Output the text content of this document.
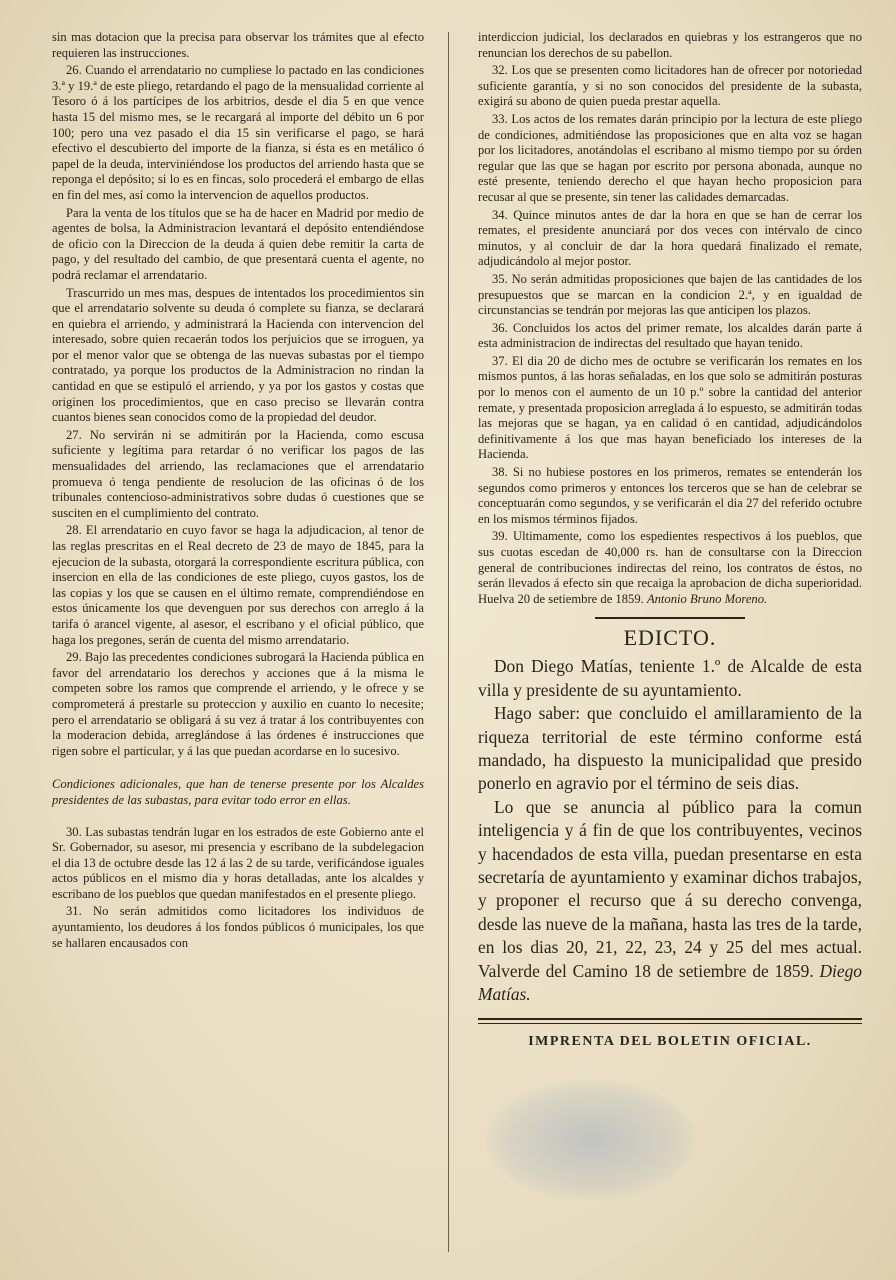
sin mas dotacion que la precisa para observar los trámites que al efecto requieren las instrucciones.

26. Cuando el arrendatario no cumpliese lo pactado en las condiciones 3.ª y 19.ª de este pliego, retardando el pago de la mensualidad corriente al Tesoro ó á los partícipes de los arbitrios, desde el dia 5 en que vence hasta 15 del mismo mes, se le recargará al importe del débito un 6 por 100; pero una vez pasado el dia 15 sin verificarse el pago, se hará efectivo el descubierto del importe de la fianza, si ésta es en metálico ó papel de la deuda, interviniéndose los productos del arriendo hasta que se reponga el depósito; si lo es en fincas, solo procederá el embargo de ellas en fin del mes, así como la intervencion de aquellos productos.

Para la venta de los títulos que se ha de hacer en Madrid por medio de agentes de bolsa, la Administracion levantará el depósito entendiéndose de oficio con la Direccion de la deuda á quien debe remitir la carta de pago, y del resultado del cambio, de que presentará cuenta el agente, no podrá reclamar el arrendatario.

Trascurrido un mes mas, despues de intentados los procedimientos sin que el arrendatario solvente su deuda ó complete su fianza, se declarará en quiebra el arriendo, y administrará la Hacienda con intervencion del interesado, sobre quien recaerán todos los perjuicios que se irroguen, ya por el menor valor que se obtenga de las nuevas subastas por el tiempo contratado, ya porque los productos de la Administracion no rindan la cantidad en que se estipuló el arriendo, y ya por los gastos y costas que originen los procedimientos, que en caso preciso se llevarán contra cuantos bienes sean conocidos como de la propiedad del deudor.

27. No servirán ni se admitirán por la Hacienda, como escusa suficiente y legítima para retardar ó no verificar los pagos de las mensualidades del arriendo, las reclamaciones que el arrendatario promueva ó tenga pendiente de resolucion de las oficinas ó de los tribunales contencioso-administrativos sobre dudas ó cuestiones que se susciten en el cumplimiento del contrato.

28. El arrendatario en cuyo favor se haga la adjudicacion, al tenor de las reglas prescritas en el Real decreto de 23 de mayo de 1845, para la ejecucion de la subasta, otorgará la correspondiente escritura pública, con insercion en ella de las condiciones de este pliego, cuyos gastos, los de las copias y los que se causen en el último remate, comprendiéndose en estos únicamente los que devenguen por sus derechos con arreglo á la tarifa ó arancel vigente, al asesor, el escribano y el oficial público, que haga los pregones, serán de cuenta del mismo arrendatario.

29. Bajo las precedentes condiciones subrogará la Hacienda pública en favor del arrendatario los derechos y acciones que á la misma le competen sobre los ramos que comprende el arriendo, y le ofrece y se comprometerá á prestarle su proteccion y auxilio en cuanto lo necesite; pero el arrendatario se obligará á su vez á tratar á los contribuyentes con la moderacion debida, arreglándose á las órdenes é instrucciones que rigen sobre el particular, y á las que puedan acordarse en lo sucesivo.

Condiciones adicionales, que han de tenerse presente por los Alcaldes presidentes de las subastas, para evitar todo error en ellas.

30. Las subastas tendrán lugar en los estrados de este Gobierno ante el Sr. Gobernador, su asesor, mi presencia y escribano de la subdelegacion el dia 13 de octubre desde las 12 á las 2 de su tarde, verificándose iguales actos públicos en el mismo dia y horas detalladas, ante los alcaldes y escribano de los pueblos que quedan manifestados en el presente pliego.

31. No serán admitidos como licitadores los individuos de ayuntamiento, los deudores á los fondos públicos ó municipales, los que se hallaren encausados con

interdiccion judicial, los declarados en quiebras y los estrangeros que no renuncian los derechos de su pabellon.

32. Los que se presenten como licitadores han de ofrecer por notoriedad suficiente garantía, y si no son conocidos del presidente de la subasta, exigirá su abono de quien pueda prestar aquella.

33. Los actos de los remates darán principio por la lectura de este pliego de condiciones, admitiéndose las proposiciones que en alta voz se hagan por los licitadores, anotándolas el escribano al mismo tiempo por su órden regular que las que se hagan por escrito por persona abonada, aunque no esté presente, teniendo derecho el que hayan hecho proposicion para recusar al que se presente, sin tener las calidades demarcadas.

34. Quince minutos antes de dar la hora en que se han de cerrar los remates, el presidente anunciará por dos veces con intérvalo de cinco minutos, y al concluir de dar la hora quedará finalizado el remate, adjudicándolo al mejor postor.

35. No serán admitidas proposiciones que bajen de las cantidades de los presupuestos que se marcan en la condicion 2.ª, y en igualdad de circunstancias se tendrán por mejoras las que anticipen los plazos.

36. Concluidos los actos del primer remate, los alcaldes darán parte á esta administracion de indirectas del resultado que hayan tenido.

37. El dia 20 de dicho mes de octubre se verificarán los remates en los mismos puntos, á las horas señaladas, en los que solo se admitirán posturas por lo menos con el aumento de un 10 p.º sobre la cantidad del anterior remate, y presentada proposicion arreglada á lo espuesto, se admitirán todas las mejoras que se hagan, ya en calidad ó en cantidad, adjudicándolos definitivamente á los que mas hayan beneficiado los intereses de la Hacienda.

38. Si no hubiese postores en los primeros, remates se entenderán los segundos como primeros y entonces los terceros que se han de celebrar se conceptuarán como segundos, y se verificarán el dia 27 del referido octubre en los mismos términos fijados.

39. Ultimamente, como los espedientes respectivos á los pueblos, que sus cuotas escedan de 40,000 rs. han de consultarse con la Direccion general de contribuciones indirectas del reino, los contratos de éstos, no serán llevados á efecto sin que recaiga la aprobacion de dicha superioridad. Huelva 20 de setiembre de 1859. Antonio Bruno Moreno.

EDICTO.

Don Diego Matías, teniente 1.º de Alcalde de esta villa y presidente de su ayuntamiento.

Hago saber: que concluido el amillaramiento de la riqueza territorial de este término conforme está mandado, ha dispuesto la municipalidad que presido ponerlo en agravio por el término de seis dias.

Lo que se anuncia al público para la comun inteligencia y á fin de que los contribuyentes, vecinos y hacendados de esta villa, puedan presentarse en esta secretaría de ayuntamiento y examinar dichos trabajos, y proponer el recurso que á su derecho convenga, desde las nueve de la mañana, hasta las tres de la tarde, en los dias 20, 21, 22, 23, 24 y 25 del mes actual. Valverde del Camino 18 de setiembre de 1859. Diego Matías.

IMPRENTA DEL BOLETIN OFICIAL.
